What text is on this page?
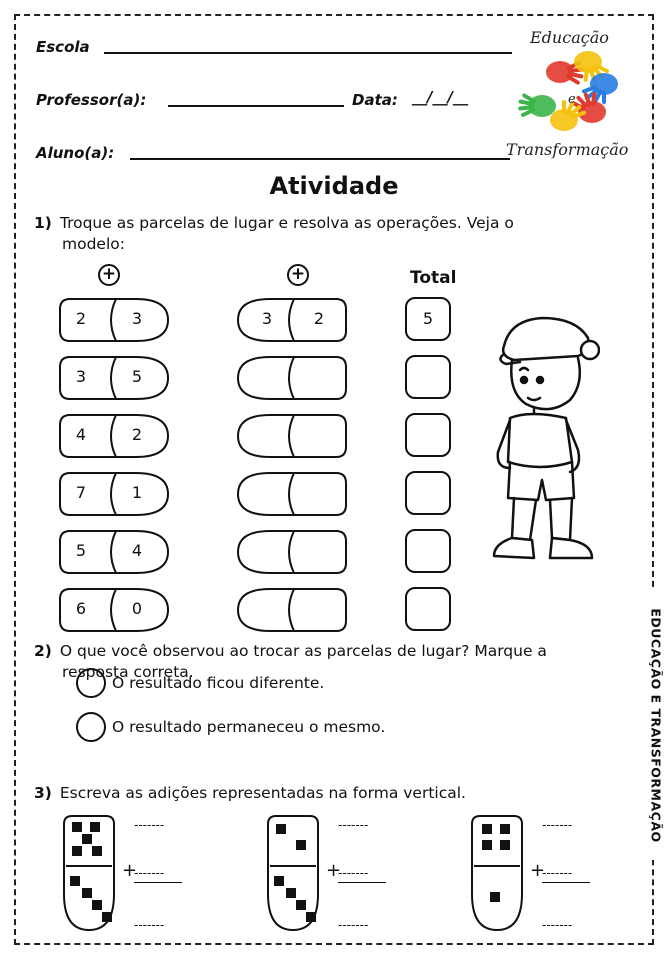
EDUCAÇÃO E TRANSFORMAÇÃO
Escola
Professor(a):	Data: __/__/__
Aluno(a):
Educação
e
Transformação
Atividade
1) Troque as parcelas de lugar e resolva as operações. Veja o
modelo:
+	+	Total
2	3	3	2	5
3	5
4	2
7	1
5	4
6	0
2) O que você observou ao trocar as parcelas de lugar? Marque a
resposta correta.
O resultado ficou diferente.
O resultado permaneceu o mesmo.
3) Escreva as adições representadas na forma vertical.
-------
+
-------
-------
-------
+
-------
-------
-------
+
-------
-------
